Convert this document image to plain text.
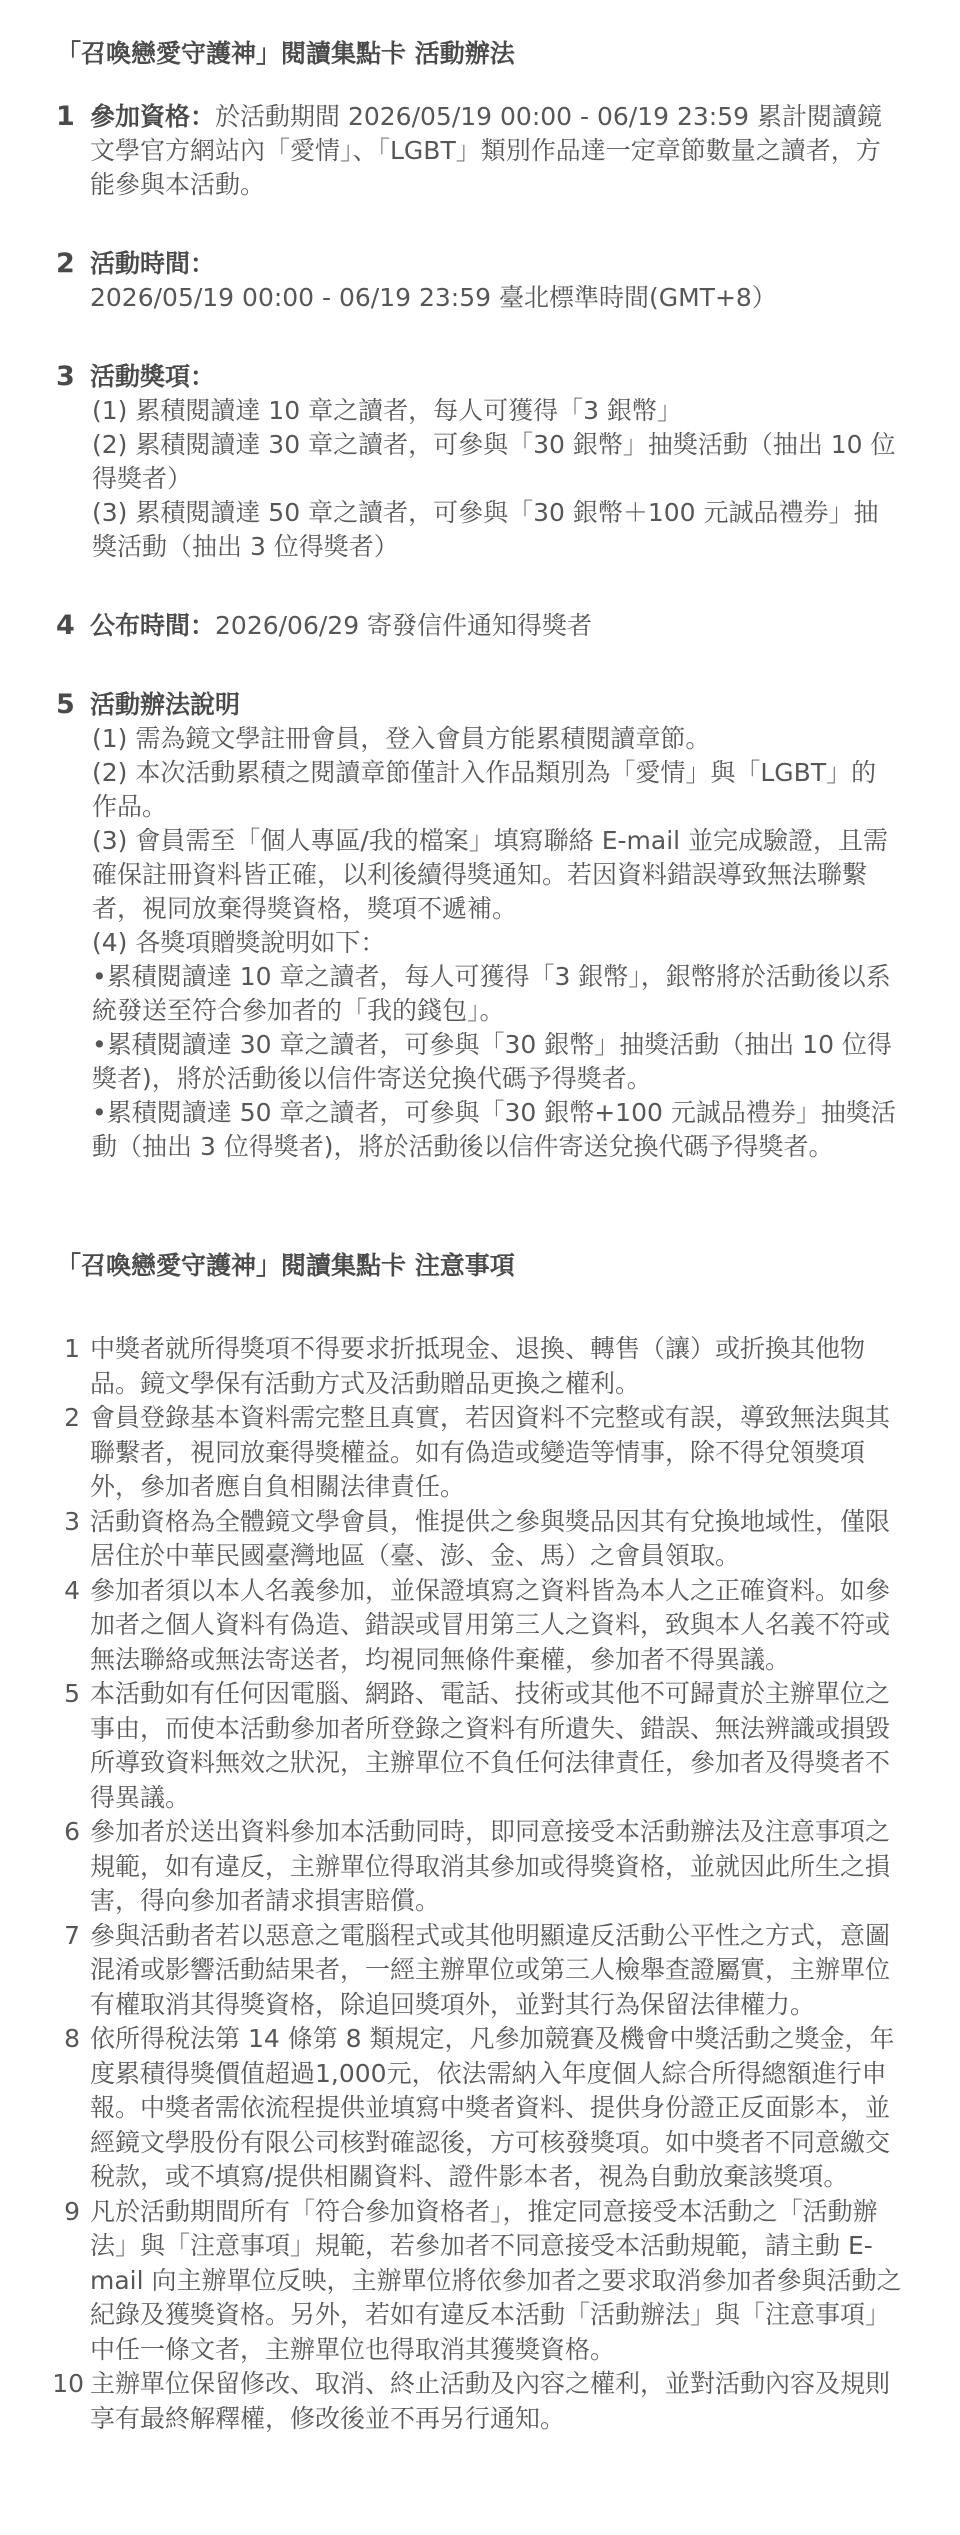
「召喚戀愛守護神」閱讀集點卡 活動辦法
1 參加資格：於活動期間 2026/05/19 00:00 - 06/19 23:59 累計閱讀鏡文學官方網站內「愛情」、「LGBT」類別作品達一定章節數量之讀者，方能參與本活動。
2 活動時間：2026/05/19 00:00 - 06/19 23:59 臺北標準時間(GMT+8）
3 活動獎項：
(1) 累積閱讀達 10 章之讀者，每人可獲得「3 銀幣」
(2) 累積閱讀達 30 章之讀者，可參與「30 銀幣」抽獎活動（抽出 10 位得獎者）
(3) 累積閱讀達 50 章之讀者，可參與「30 銀幣＋100 元誠品禮券」抽獎活動（抽出 3 位得獎者）
4 公布時間：2026/06/29 寄發信件通知得獎者
5 活動辦法說明
(1) 需為鏡文學註冊會員，登入會員方能累積閱讀章節。
(2) 本次活動累積之閱讀章節僅計入作品類別為「愛情」與「LGBT」的作品。
(3) 會員需至「個人專區/我的檔案」填寫聯絡 E-mail 並完成驗證，且需確保註冊資料皆正確，以利後續得獎通知。若因資料錯誤導致無法聯繫者，視同放棄得獎資格，獎項不遞補。
(4) 各獎項贈獎說明如下：
•累積閱讀達 10 章之讀者，每人可獲得「3 銀幣」，銀幣將於活動後以系統發送至符合參加者的「我的錢包」。
•累積閱讀達 30 章之讀者，可參與「30 銀幣」抽獎活動（抽出 10 位得獎者)，將於活動後以信件寄送兌換代碼予得獎者。
•累積閱讀達 50 章之讀者，可參與「30 銀幣+100 元誠品禮券」抽獎活動（抽出 3 位得獎者)，將於活動後以信件寄送兌換代碼予得獎者。
「召喚戀愛守護神」閱讀集點卡 注意事項
1 中獎者就所得獎項不得要求折抵現金、退換、轉售（讓）或折換其他物品。鏡文學保有活動方式及活動贈品更換之權利。
2 會員登錄基本資料需完整且真實，若因資料不完整或有誤，導致無法與其聯繫者，視同放棄得獎權益。如有偽造或變造等情事，除不得兌領獎項外，參加者應自負相關法律責任。
3 活動資格為全體鏡文學會員，惟提供之參與獎品因其有兌換地域性，僅限居住於中華民國臺灣地區（臺、澎、金、馬）之會員領取。
4 參加者須以本人名義參加，並保證填寫之資料皆為本人之正確資料。如參加者之個人資料有偽造、錯誤或冒用第三人之資料，致與本人名義不符或無法聯絡或無法寄送者，均視同無條件棄權，參加者不得異議。
5 本活動如有任何因電腦、網路、電話、技術或其他不可歸責於主辦單位之事由，而使本活動參加者所登錄之資料有所遺失、錯誤、無法辨識或損毀所導致資料無效之狀況，主辦單位不負任何法律責任，參加者及得獎者不得異議。
6 參加者於送出資料參加本活動同時，即同意接受本活動辦法及注意事項之規範，如有違反，主辦單位得取消其參加或得獎資格，並就因此所生之損害，得向參加者請求損害賠償。
7 參與活動者若以惡意之電腦程式或其他明顯違反活動公平性之方式，意圖混淆或影響活動結果者，一經主辦單位或第三人檢舉查證屬實，主辦單位有權取消其得獎資格，除追回獎項外，並對其行為保留法律權力。
8 依所得稅法第 14 條第 8 類規定，凡參加競賽及機會中獎活動之獎金，年度累積得獎價值超過1,000元，依法需納入年度個人綜合所得總額進行申報。中獎者需依流程提供並填寫中獎者資料、提供身份證正反面影本，並經鏡文學股份有限公司核對確認後，方可核發獎項。如中獎者不同意繳交稅款，或不填寫/提供相關資料、證件影本者，視為自動放棄該獎項。
9 凡於活動期間所有「符合參加資格者」，推定同意接受本活動之「活動辦法」與「注意事項」規範，若參加者不同意接受本活動規範，請主動 E-mail 向主辦單位反映，主辦單位將依參加者之要求取消參加者參與活動之紀錄及獲獎資格。另外，若如有違反本活動「活動辦法」與「注意事項」中任一條文者，主辦單位也得取消其獲獎資格。
10 主辦單位保留修改、取消、終止活動及內容之權利，並對活動內容及規則享有最終解釋權，修改後並不再另行通知。
